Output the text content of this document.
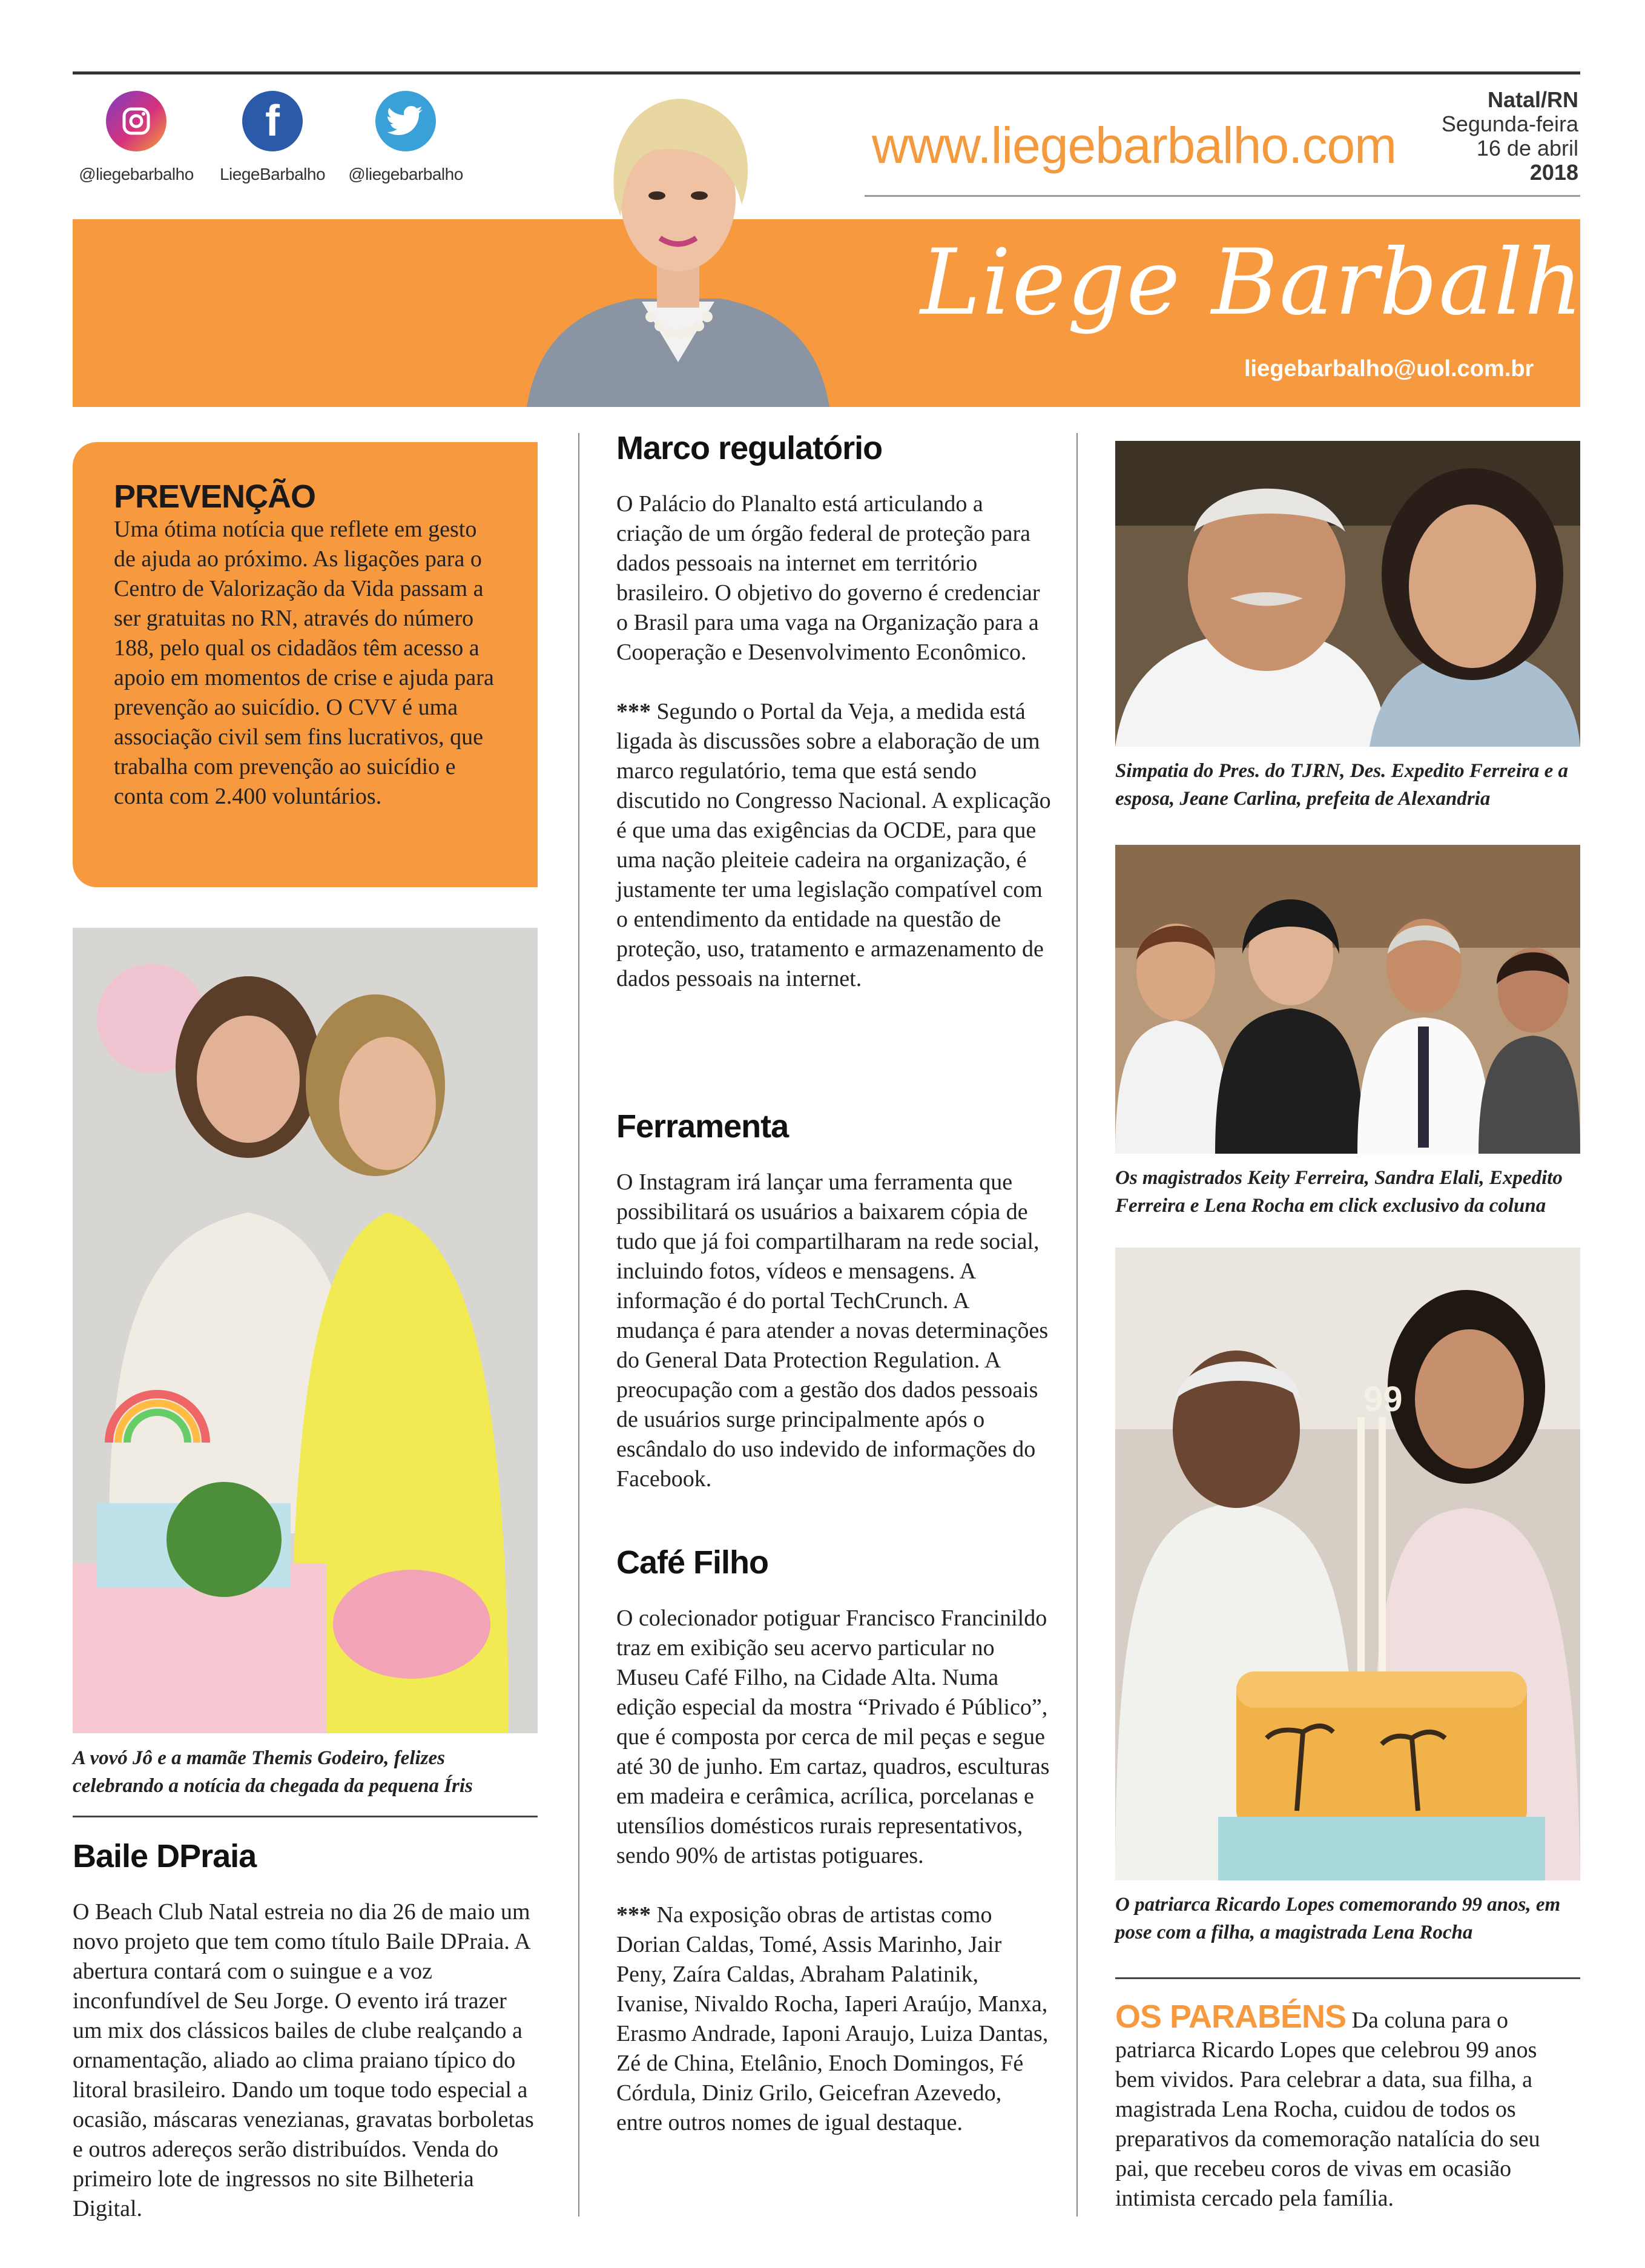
@liegebarbalho
f
LiegeBarbalho	@liegebarbalho
www.liegebarbalho.com
Natal/RN
Segunda-feira
16 de abril
2018
Liege Barbalho
liegebarbalho@uol.com.br
PREVENÇÃO

Uma ótima notícia que reflete em gesto de ajuda ao próximo. As ligações para o Centro de Valorização da Vida passam a ser gratuitas no RN, através do número 188, pelo qual os cidadãos têm acesso a apoio em momentos de crise e ajuda para prevenção ao suicídio. O CVV é uma associação civil sem fins lucrativos, que trabalha com prevenção ao suicídio e conta com 2.400 voluntários.

A vovó Jô e a mamãe Themis Godeiro, felizes celebrando a notícia da chegada da pequena Íris
Baile DPraia

O Beach Club Natal estreia no dia 26 de maio um novo projeto que tem como título Baile DPraia. A abertura contará com o suingue e a voz inconfundível de Seu Jorge. O evento irá trazer um mix dos clássicos bailes de clube realçando a ornamentação, aliado ao clima praiano típico do litoral brasileiro. Dando um toque todo especial a ocasião, máscaras venezianas, gravatas borboletas e outros adereços serão distribuídos. Venda do primeiro lote de ingressos no site Bilheteria Digital.

Marco regulatório

O Palácio do Planalto está articulando a criação de um órgão federal de proteção para dados pessoais na internet em território brasileiro. O objetivo do governo é credenciar o Brasil para uma vaga na Organização para a Cooperação e Desenvolvimento Econômico.

*** Segundo o Portal da Veja, a medida está ligada às discussões sobre a elaboração de um marco regulatório, tema que está sendo discutido no Congresso Nacional. A explicação é que uma das exigências da OCDE, para que uma nação pleiteie cadeira na organização, é justamente ter uma legislação compatível com o entendimento da entidade na questão de proteção, uso, tratamento e armazenamento de dados pessoais na internet.

Ferramenta

O Instagram irá lançar uma ferramenta que possibilitará os usuários a baixarem cópia de tudo que já foi compartilharam na rede social, incluindo fotos, vídeos e mensagens. A informação é do portal TechCrunch. A mudança é para atender a novas determinações do General Data Protection Regulation. A preocupação com a gestão dos dados pessoais de usuários surge principalmente após o escândalo do uso indevido de informações do Facebook.

Café Filho

O colecionador potiguar Francisco Francinildo traz em exibição seu acervo particular no Museu Café Filho, na Cidade Alta. Numa edição especial da mostra “Privado é Público”, que é composta por cerca de mil peças e segue até 30 de junho. Em cartaz, quadros, esculturas em madeira e cerâmica, acrílica, porcelanas e utensílios domésticos rurais representativos, sendo 90% de artistas potiguares.

*** Na exposição obras de artistas como Dorian Caldas, Tomé, Assis Marinho, Jair Peny, Zaíra Caldas, Abraham Palatinik, Ivanise, Nivaldo Rocha, Iaperi Araújo, Manxa, Erasmo Andrade, Iaponi Araujo, Luiza Dantas, Zé de China, Etelânio, Enoch Domingos, Fé Córdula, Diniz Grilo, Geicefran Azevedo, entre outros nomes de igual destaque.

Simpatia do Pres. do TJRN, Des. Expedito Ferreira e a esposa, Jeane Carlina, prefeita de Alexandria
Os magistrados Keity Ferreira, Sandra Elali, Expedito Ferreira e Lena Rocha em click exclusivo da coluna
99
O patriarca Ricardo Lopes comemorando 99 anos, em pose com a filha, a magistrada Lena Rocha
OS PARABÉNS Da coluna para o patriarca Ricardo Lopes que celebrou 99 anos bem vividos. Para celebrar a data, sua filha, a magistrada Lena Rocha, cuidou de todos os preparativos da comemoração natalícia do seu pai, que recebeu coros de vivas em ocasião intimista cercado pela família.
